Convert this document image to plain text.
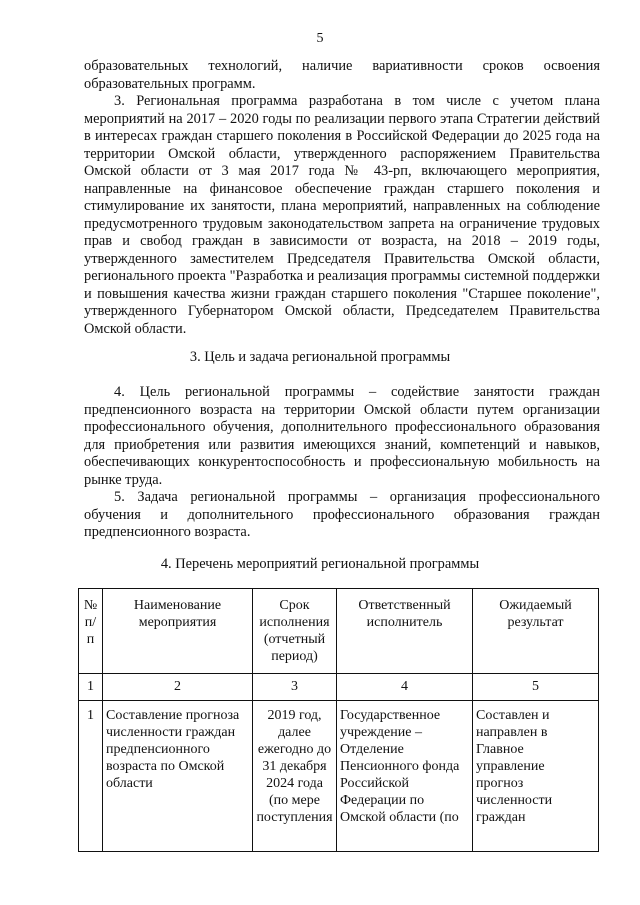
5

образовательных технологий, наличие вариативности сроков освоения образовательных программ.

3. Региональная программа разработана в том числе с учетом плана мероприятий на 2017 – 2020 годы по реализации первого этапа Стратегии действий в интересах граждан старшего поколения в Российской Федерации до 2025 года на территории Омской области, утвержденного распоряжением Правительства Омской области от 3 мая 2017 года № 43-рп, включающего мероприятия, направленные на финансовое обеспечение граждан старшего поколения и стимулирование их занятости, плана мероприятий, направленных на соблюдение предусмотренного трудовым законодательством запрета на ограничение трудовых прав и свобод граждан в зависимости от возраста, на 2018 – 2019 годы, утвержденного заместителем Председателя Правительства Омской области, регионального проекта "Разработка и реализация программы системной поддержки и повышения качества жизни граждан старшего поколения "Старшее поколение", утвержденного Губернатором Омской области, Председателем Правительства Омской области.

3. Цель и задача региональной программы

4. Цель региональной программы – содействие занятости граждан предпенсионного возраста на территории Омской области путем организации профессионального обучения, дополнительного профессионального образования для приобретения или развития имеющихся знаний, компетенций и навыков, обеспечивающих конкурентоспособность и профессиональную мобильность на рынке труда.

5. Задача региональной программы – организация профессионального обучения и дополнительного профессионального образования граждан предпенсионного возраста.

4. Перечень мероприятий региональной программы
№ п/п	Наименование мероприятия	Срок исполнения (отчетный период)	Ответственный исполнитель	Ожидаемый результат
1	2	3	4	5
1	Составление прогноза численности граждан предпенсионного возраста по Омской области	2019 год, далее ежегодно до 31 декабря 2024 года (по мере поступления	Государственное учреждение – Отделение Пенсионного фонда Российской Федерации по Омской области (по	Составлен и направлен в Главное управление прогноз численности граждан
